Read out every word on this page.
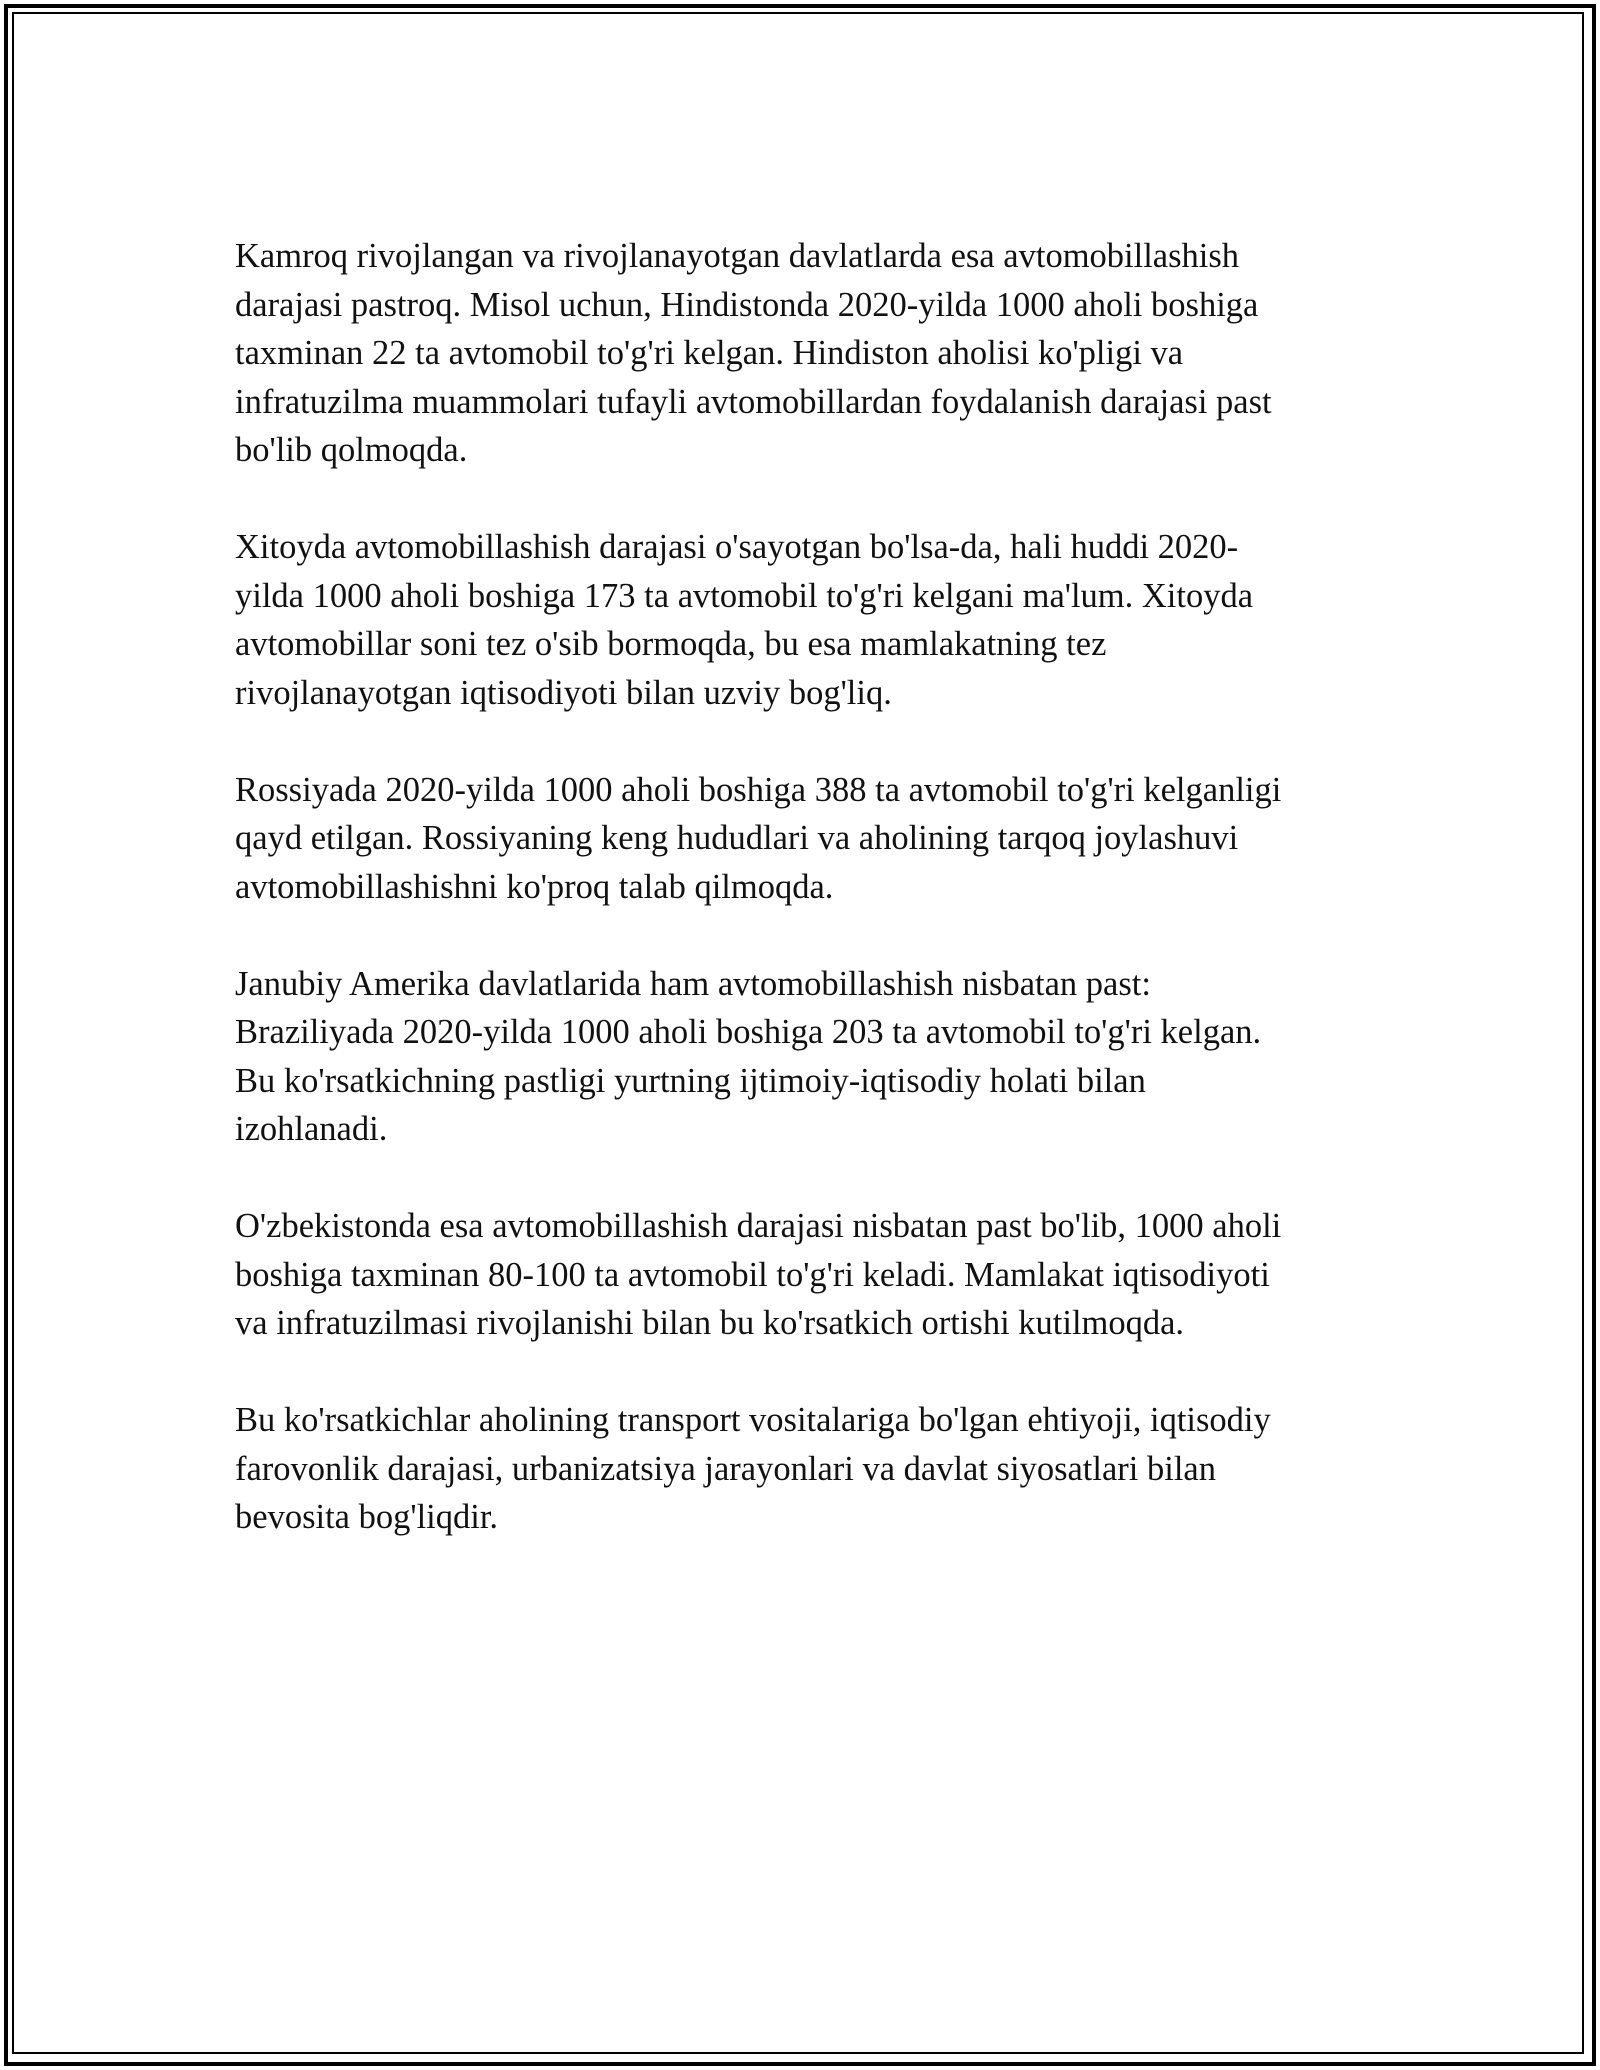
Kamroq rivojlangan va rivojlanayotgan davlatlarda esa avtomobillashish
darajasi pastroq. Misol uchun, Hindistonda 2020-yilda 1000 aholi boshiga
taxminan 22 ta avtomobil to'g'ri kelgan. Hindiston aholisi ko'pligi va
infratuzilma muammolari tufayli avtomobillardan foydalanish darajasi past
bo'lib qolmoqda.

Xitoyda avtomobillashish darajasi o'sayotgan bo'lsa-da, hali huddi 2020-
yilda 1000 aholi boshiga 173 ta avtomobil to'g'ri kelgani ma'lum. Xitoyda
avtomobillar soni tez o'sib bormoqda, bu esa mamlakatning tez
rivojlanayotgan iqtisodiyoti bilan uzviy bog'liq.

Rossiyada 2020-yilda 1000 aholi boshiga 388 ta avtomobil to'g'ri kelganligi
qayd etilgan. Rossiyaning keng hududlari va aholining tarqoq joylashuvi
avtomobillashishni ko'proq talab qilmoqda.

Janubiy Amerika davlatlarida ham avtomobillashish nisbatan past:
Braziliyada 2020-yilda 1000 aholi boshiga 203 ta avtomobil to'g'ri kelgan.
Bu ko'rsatkichning pastligi yurtning ijtimoiy-iqtisodiy holati bilan
izohlanadi.

O'zbekistonda esa avtomobillashish darajasi nisbatan past bo'lib, 1000 aholi
boshiga taxminan 80-100 ta avtomobil to'g'ri keladi. Mamlakat iqtisodiyoti
va infratuzilmasi rivojlanishi bilan bu ko'rsatkich ortishi kutilmoqda.

Bu ko'rsatkichlar aholining transport vositalariga bo'lgan ehtiyoji, iqtisodiy
farovonlik darajasi, urbanizatsiya jarayonlari va davlat siyosatlari bilan
bevosita bog'liqdir.
